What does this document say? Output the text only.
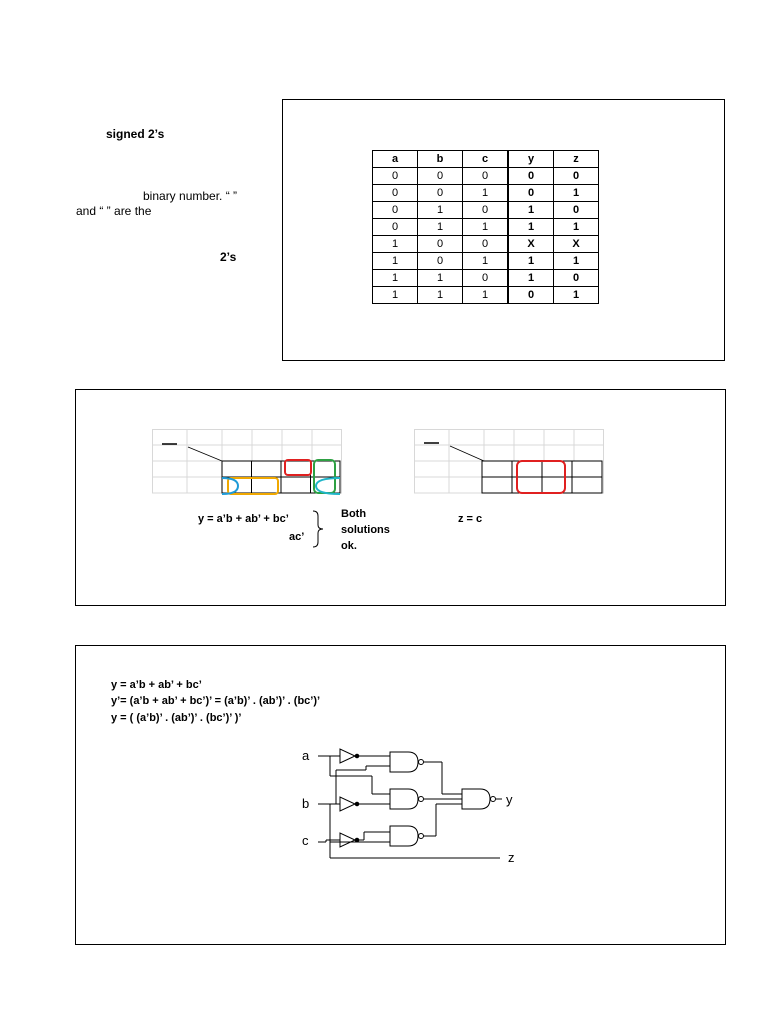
signed 2’s
binary number. “ ”
and “ ” are the
2’s
a	b	c	y	z
0	0	0	0	0
0	0	1	0	1
0	1	0	1	0
0	1	1	1	1
1	0	0	X	X
1	0	1	1	1
1	1	0	1	0
1	1	1	0	1
y = a’b + ab’ + bc’
ac’
Both
solutions
ok.
z = c
y = a’b + ab’ + bc’
y’= (a’b + ab’ + bc’)’ = (a’b)’ . (ab’)’ . (bc’)’
y = ( (a’b)’ . (ab’)’ . (bc’)’ )’
a
b
c
y
z
